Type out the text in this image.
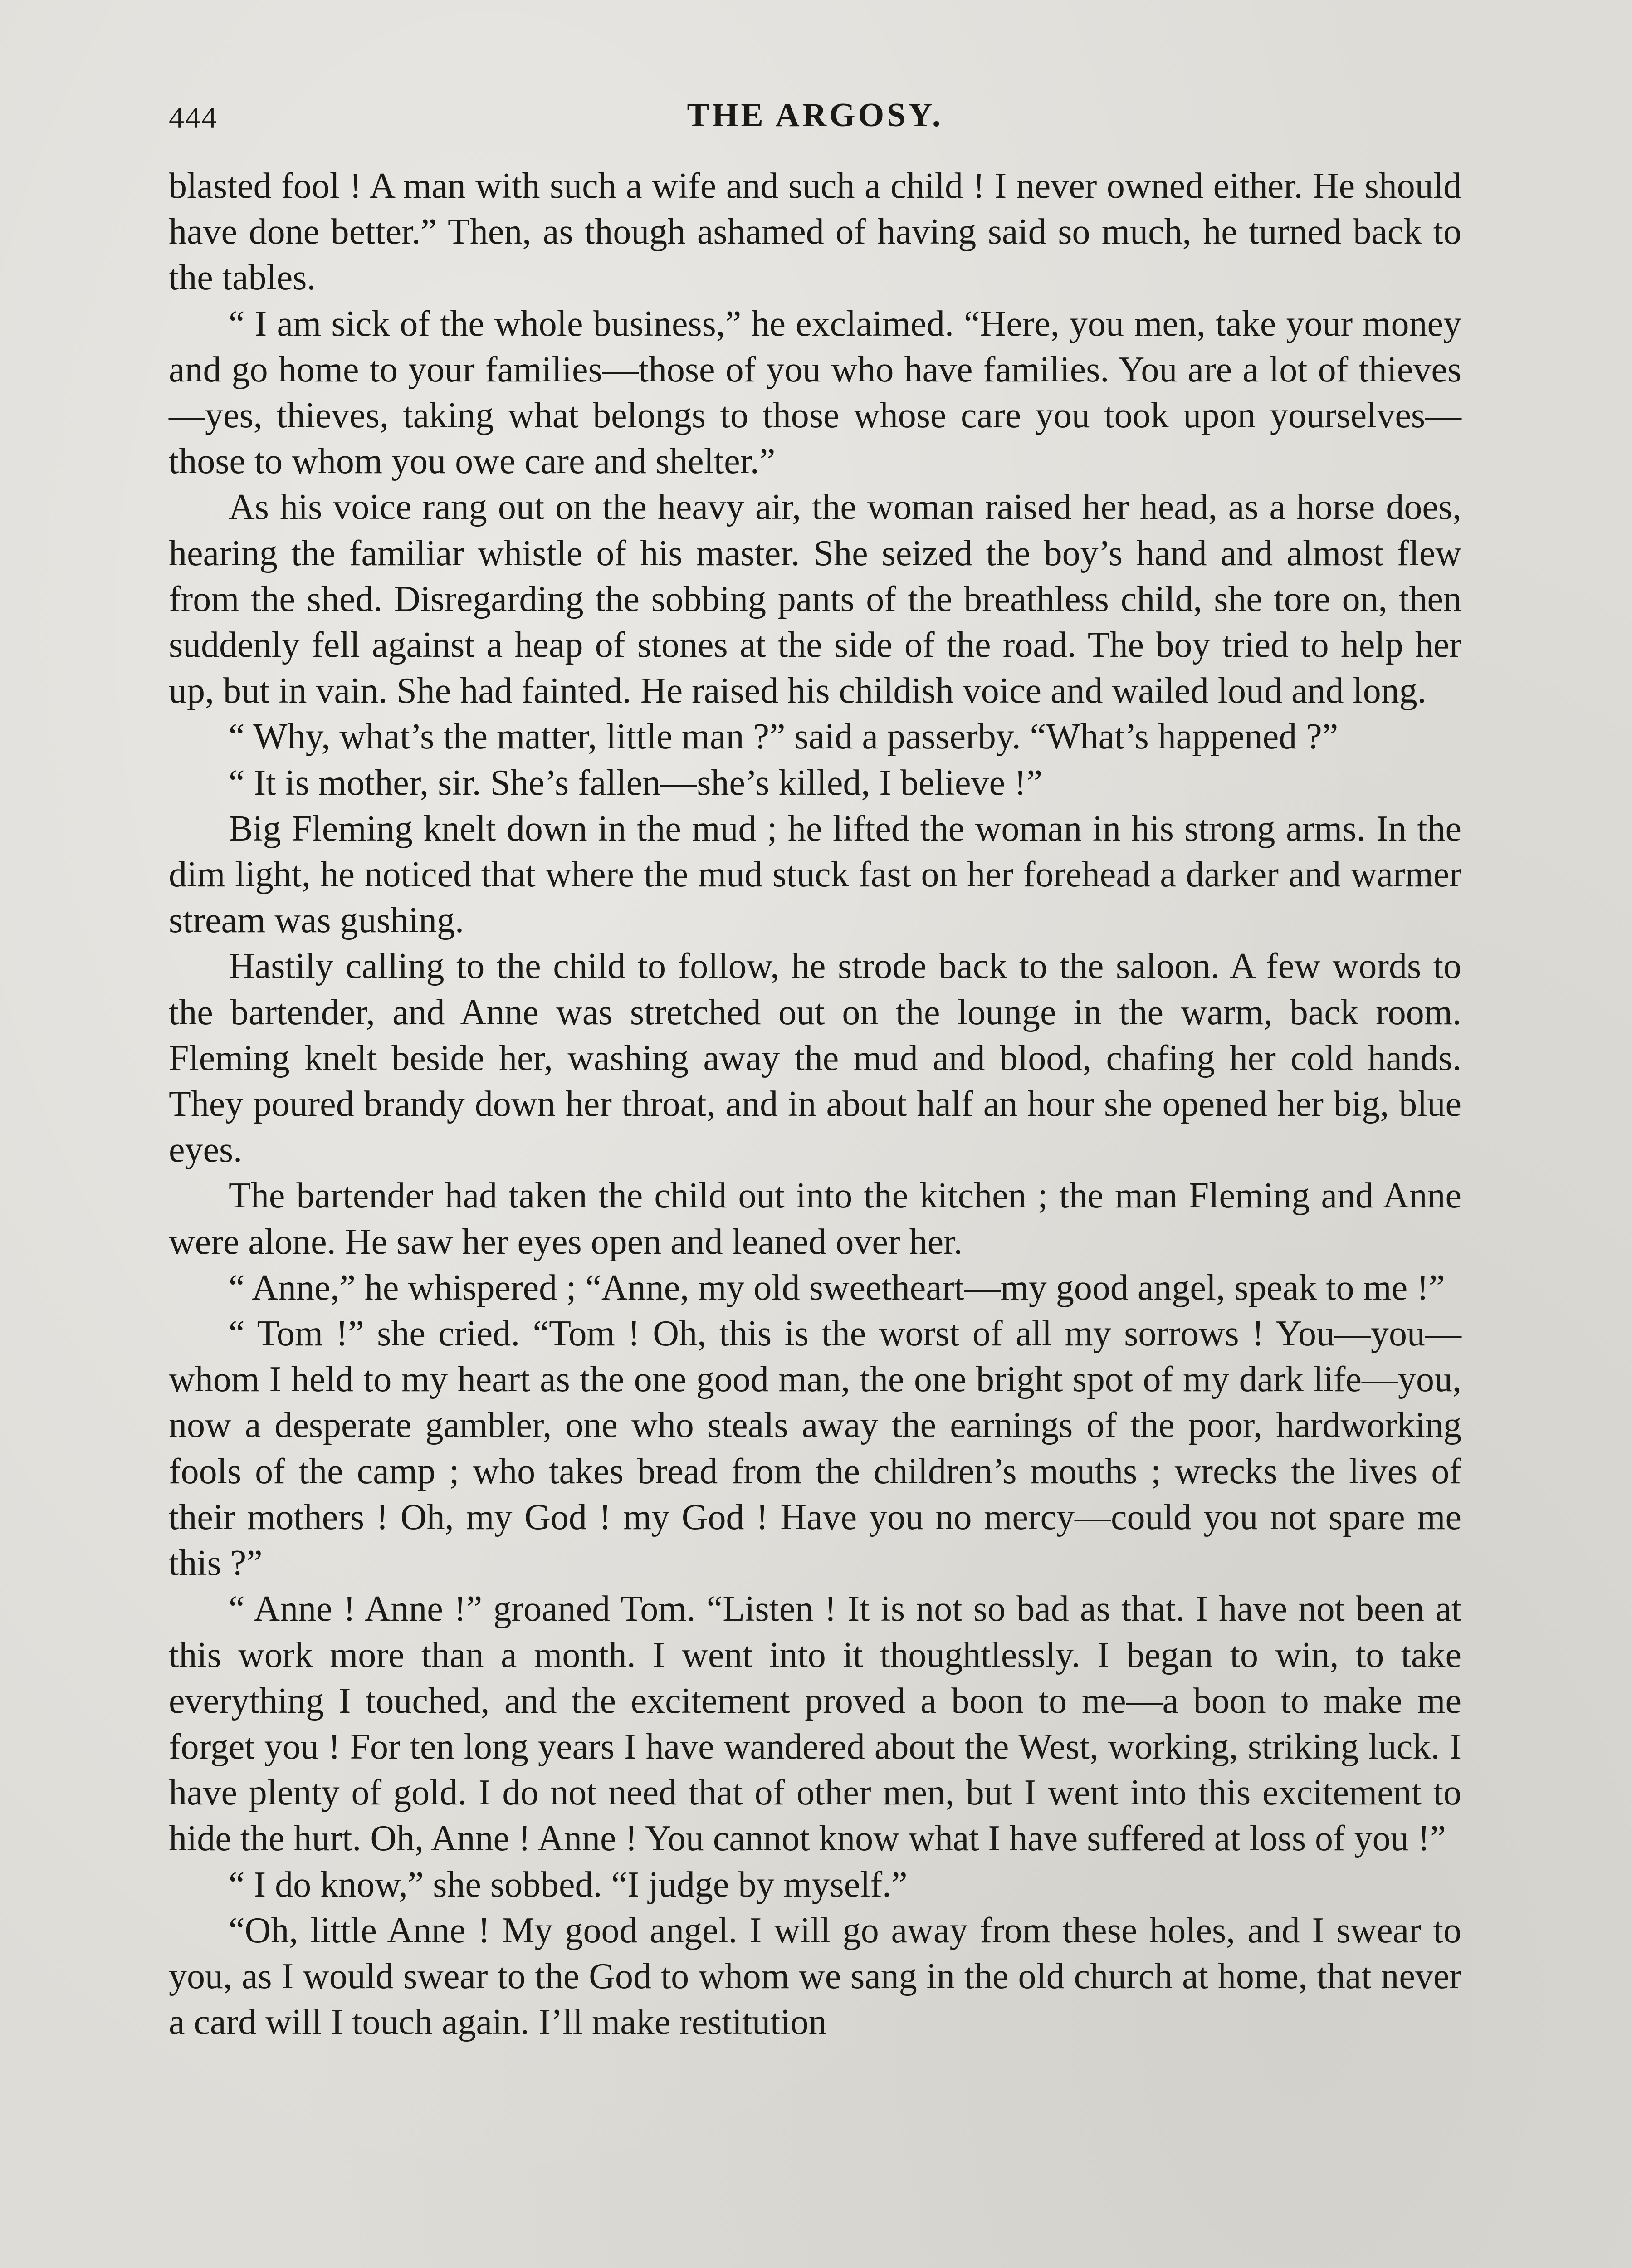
444	THE ARGOSY.

blasted fool ! A man with such a wife and such a child ! I never owned either. He should have done better.” Then, as though ashamed of having said so much, he turned back to the tables.

“ I am sick of the whole business,” he exclaimed. “Here, you men, take your money and go home to your families—those of you who have families. You are a lot of thieves—yes, thieves, taking what belongs to those whose care you took upon yourselves—those to whom you owe care and shelter.”

As his voice rang out on the heavy air, the woman raised her head, as a horse does, hearing the familiar whistle of his master. She seized the boy’s hand and almost flew from the shed. Disregarding the sobbing pants of the breathless child, she tore on, then suddenly fell against a heap of stones at the side of the road. The boy tried to help her up, but in vain. She had fainted. He raised his childish voice and wailed loud and long.

“ Why, what’s the matter, little man ?” said a passerby. “What’s happened ?”

“ It is mother, sir. She’s fallen—she’s killed, I believe !”

Big Fleming knelt down in the mud ; he lifted the woman in his strong arms. In the dim light, he noticed that where the mud stuck fast on her forehead a darker and warmer stream was gushing.

Hastily calling to the child to follow, he strode back to the saloon. A few words to the bartender, and Anne was stretched out on the lounge in the warm, back room. Fleming knelt beside her, washing away the mud and blood, chafing her cold hands. They poured brandy down her throat, and in about half an hour she opened her big, blue eyes.

The bartender had taken the child out into the kitchen ; the man Fleming and Anne were alone. He saw her eyes open and leaned over her.

“ Anne,” he whispered ; “Anne, my old sweetheart—my good angel, speak to me !”

“ Tom !” she cried. “Tom ! Oh, this is the worst of all my sorrows ! You—you—whom I held to my heart as the one good man, the one bright spot of my dark life—you, now a desperate gambler, one who steals away the earnings of the poor, hardworking fools of the camp ; who takes bread from the children’s mouths ; wrecks the lives of their mothers ! Oh, my God ! my God ! Have you no mercy—could you not spare me this ?”

“ Anne ! Anne !” groaned Tom. “Listen ! It is not so bad as that. I have not been at this work more than a month. I went into it thoughtlessly. I began to win, to take everything I touched, and the excitement proved a boon to me—a boon to make me forget you ! For ten long years I have wandered about the West, working, striking luck. I have plenty of gold. I do not need that of other men, but I went into this excitement to hide the hurt. Oh, Anne ! Anne ! You cannot know what I have suffered at loss of you !”

“ I do know,” she sobbed. “I judge by myself.”

“Oh, little Anne ! My good angel. I will go away from these holes, and I swear to you, as I would swear to the God to whom we sang in the old church at home, that never a card will I touch again. I’ll make restitution
